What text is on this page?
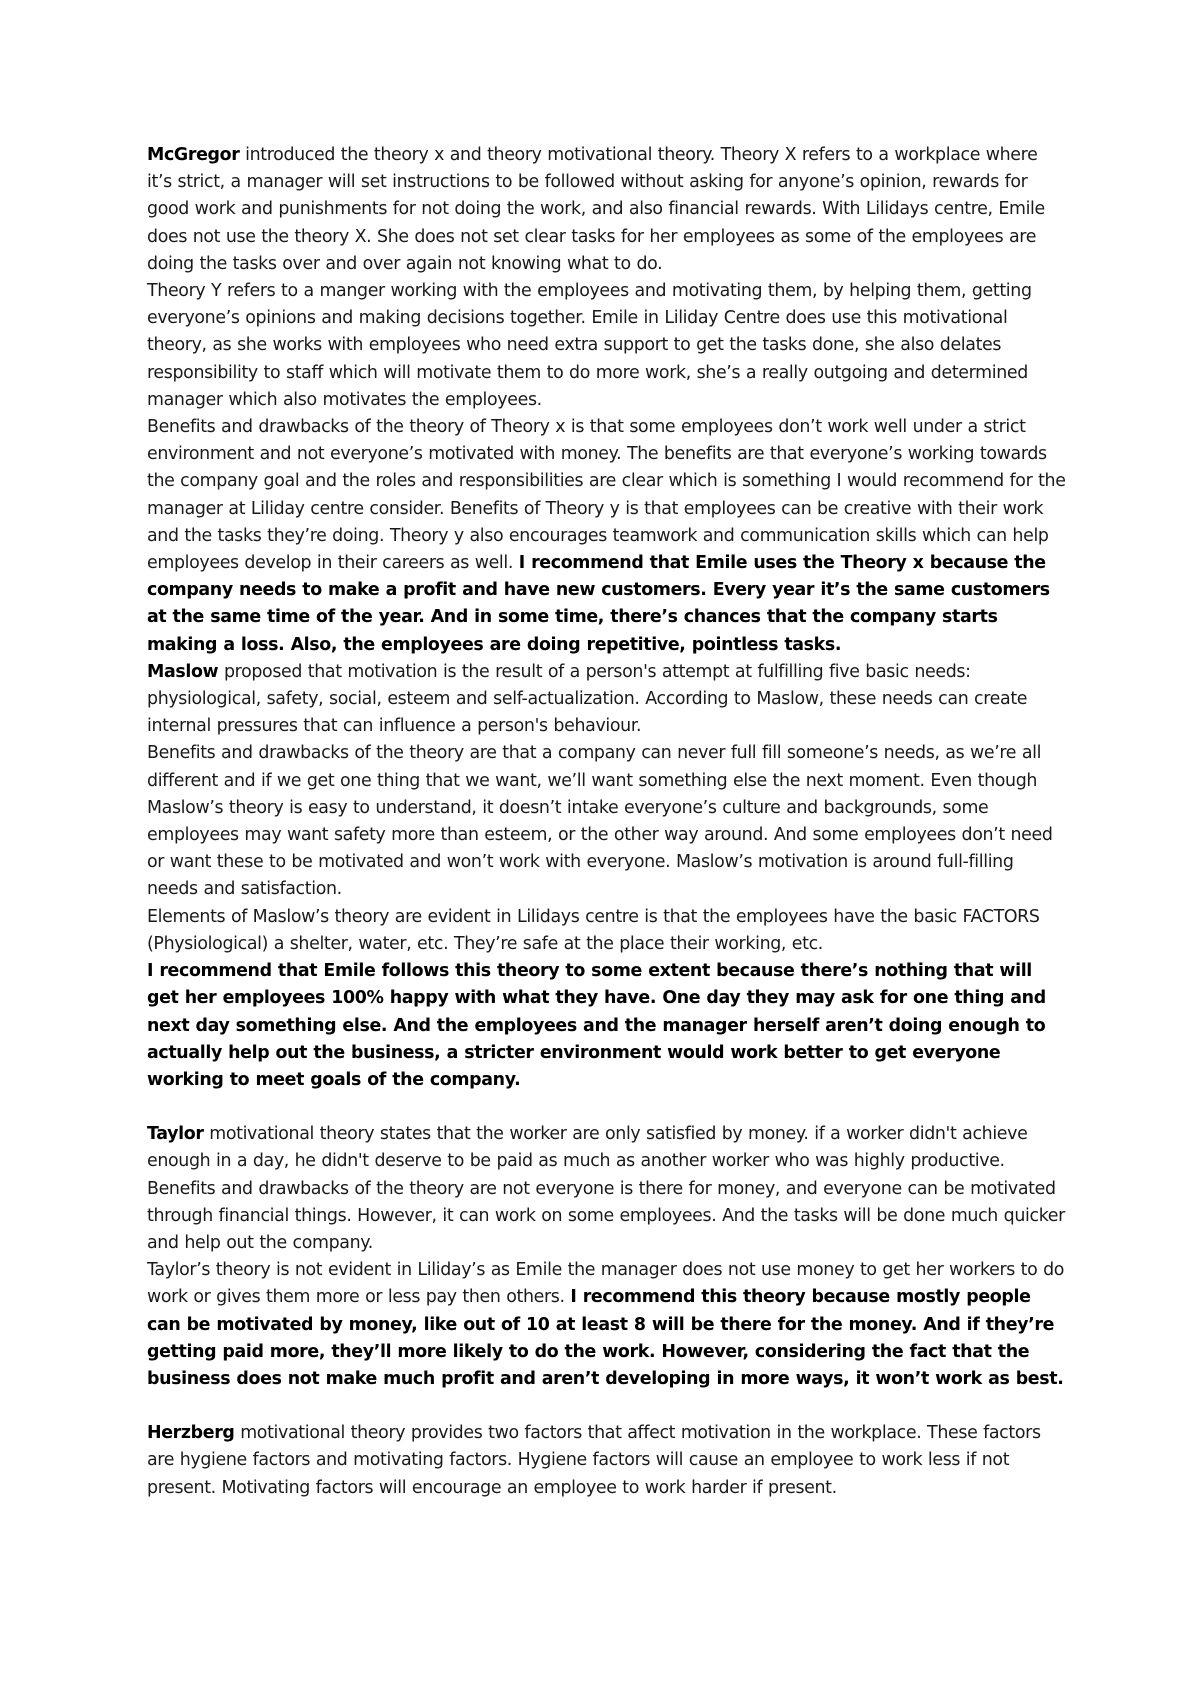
McGregor introduced the theory x and theory motivational theory. Theory X refers to a workplace where it’s strict, a manager will set instructions to be followed without asking for anyone’s opinion, rewards for good work and punishments for not doing the work, and also financial rewards. With Lilidays centre, Emile does not use the theory X. She does not set clear tasks for her employees as some of the employees are doing the tasks over and over again not knowing what to do.

Theory Y refers to a manger working with the employees and motivating them, by helping them, getting everyone’s opinions and making decisions together. Emile in Liliday Centre does use this motivational theory, as she works with employees who need extra support to get the tasks done, she also delates responsibility to staff which will motivate them to do more work, she’s a really outgoing and determined manager which also motivates the employees.

Benefits and drawbacks of the theory of Theory x is that some employees don’t work well under a strict environment and not everyone’s motivated with money. The benefits are that everyone’s working towards the company goal and the roles and responsibilities are clear which is something I would recommend for the manager at Liliday centre consider. Benefits of Theory y is that employees can be creative with their work and the tasks they’re doing. Theory y also encourages teamwork and communication skills which can help employees develop in their careers as well. I recommend that Emile uses the Theory x because the company needs to make a profit and have new customers. Every year it’s the same customers at the same time of the year. And in some time, there’s chances that the company starts making a loss. Also, the employees are doing repetitive, pointless tasks.

Maslow proposed that motivation is the result of a person's attempt at fulfilling five basic needs: physiological, safety, social, esteem and self-actualization. According to Maslow, these needs can create internal pressures that can influence a person's behaviour.

Benefits and drawbacks of the theory are that a company can never full fill someone’s needs, as we’re all different and if we get one thing that we want, we’ll want something else the next moment. Even though Maslow’s theory is easy to understand, it doesn’t intake everyone’s culture and backgrounds, some employees may want safety more than esteem, or the other way around. And some employees don’t need or want these to be motivated and won’t work with everyone. Maslow’s motivation is around full-filling needs and satisfaction.

Elements of Maslow’s theory are evident in Lilidays centre is that the employees have the basic FACTORS (Physiological) a shelter, water, etc. They’re safe at the place their working, etc.

I recommend that Emile follows this theory to some extent because there’s nothing that will get her employees 100% happy with what they have. One day they may ask for one thing and next day something else. And the employees and the manager herself aren’t doing enough to actually help out the business, a stricter environment would work better to get everyone working to meet goals of the company.

Taylor motivational theory states that the worker are only satisfied by money. if a worker didn't achieve enough in a day, he didn't deserve to be paid as much as another worker who was highly productive.

Benefits and drawbacks of the theory are not everyone is there for money, and everyone can be motivated through financial things. However, it can work on some employees. And the tasks will be done much quicker and help out the company.

Taylor’s theory is not evident in Liliday’s as Emile the manager does not use money to get her workers to do work or gives them more or less pay then others. I recommend this theory because mostly people can be motivated by money, like out of 10 at least 8 will be there for the money. And if they’re getting paid more, they’ll more likely to do the work. However, considering the fact that the business does not make much profit and aren’t developing in more ways, it won’t work as best.

Herzberg motivational theory provides two factors that affect motivation in the workplace. These factors are hygiene factors and motivating factors. Hygiene factors will cause an employee to work less if not present. Motivating factors will encourage an employee to work harder if present.
